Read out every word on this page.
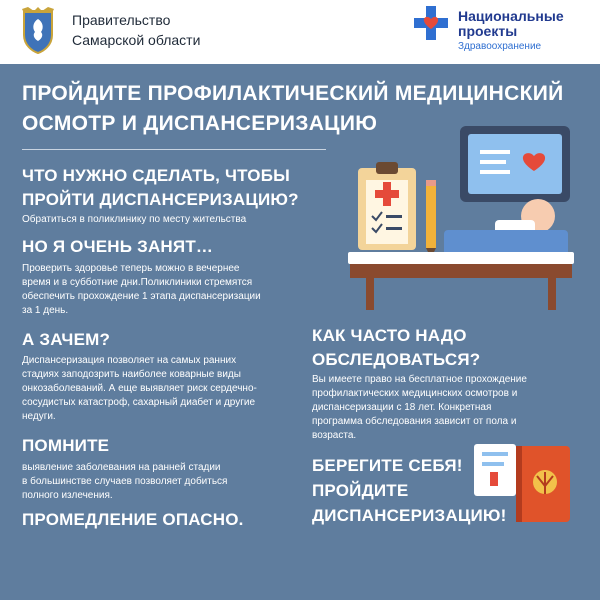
Правительство
Самарской области
Национальные
проекты
Здравоохранение
ПРОЙДИТЕ ПРОФИЛАКТИЧЕСКИЙ МЕДИЦИНСКИЙ
ОСМОТР И ДИСПАНСЕРИЗАЦИЮ
ЧТО НУЖНО СДЕЛАТЬ, ЧТОБЫ
ПРОЙТИ ДИСПАНСЕРИЗАЦИЮ?
Обратиться в поликлинику по месту жительства
НО Я ОЧЕНЬ ЗАНЯТ…
Проверить здоровье теперь можно в вечернее
время и в субботние дни.Поликлиники стремятся
обеспечить прохождение 1 этапа диспансеризации
за 1 день.
А ЗАЧЕМ?
Диспансеризация позволяет на самых ранних
стадиях заподозрить наиболее коварные виды
онкозаболеваний. А еще выявляет риск сердечно-
сосудистых катастроф, сахарный диабет и другие
недуги.
ПОМНИТЕ
выявление заболевания на ранней стадии
в большинстве случаев позволяет добиться
полного излечения.
ПРОМЕДЛЕНИЕ ОПАСНО.
КАК ЧАСТО НАДО
ОБСЛЕДОВАТЬСЯ?
Вы имеете право на бесплатное прохождение
профилактических медицинских осмотров и
диспансеризации с 18 лет. Конкретная
программа обследования зависит от пола и
возраста.
БЕРЕГИТЕ СЕБЯ!
ПРОЙДИТЕ
ДИСПАНСЕРИЗАЦИЮ!
